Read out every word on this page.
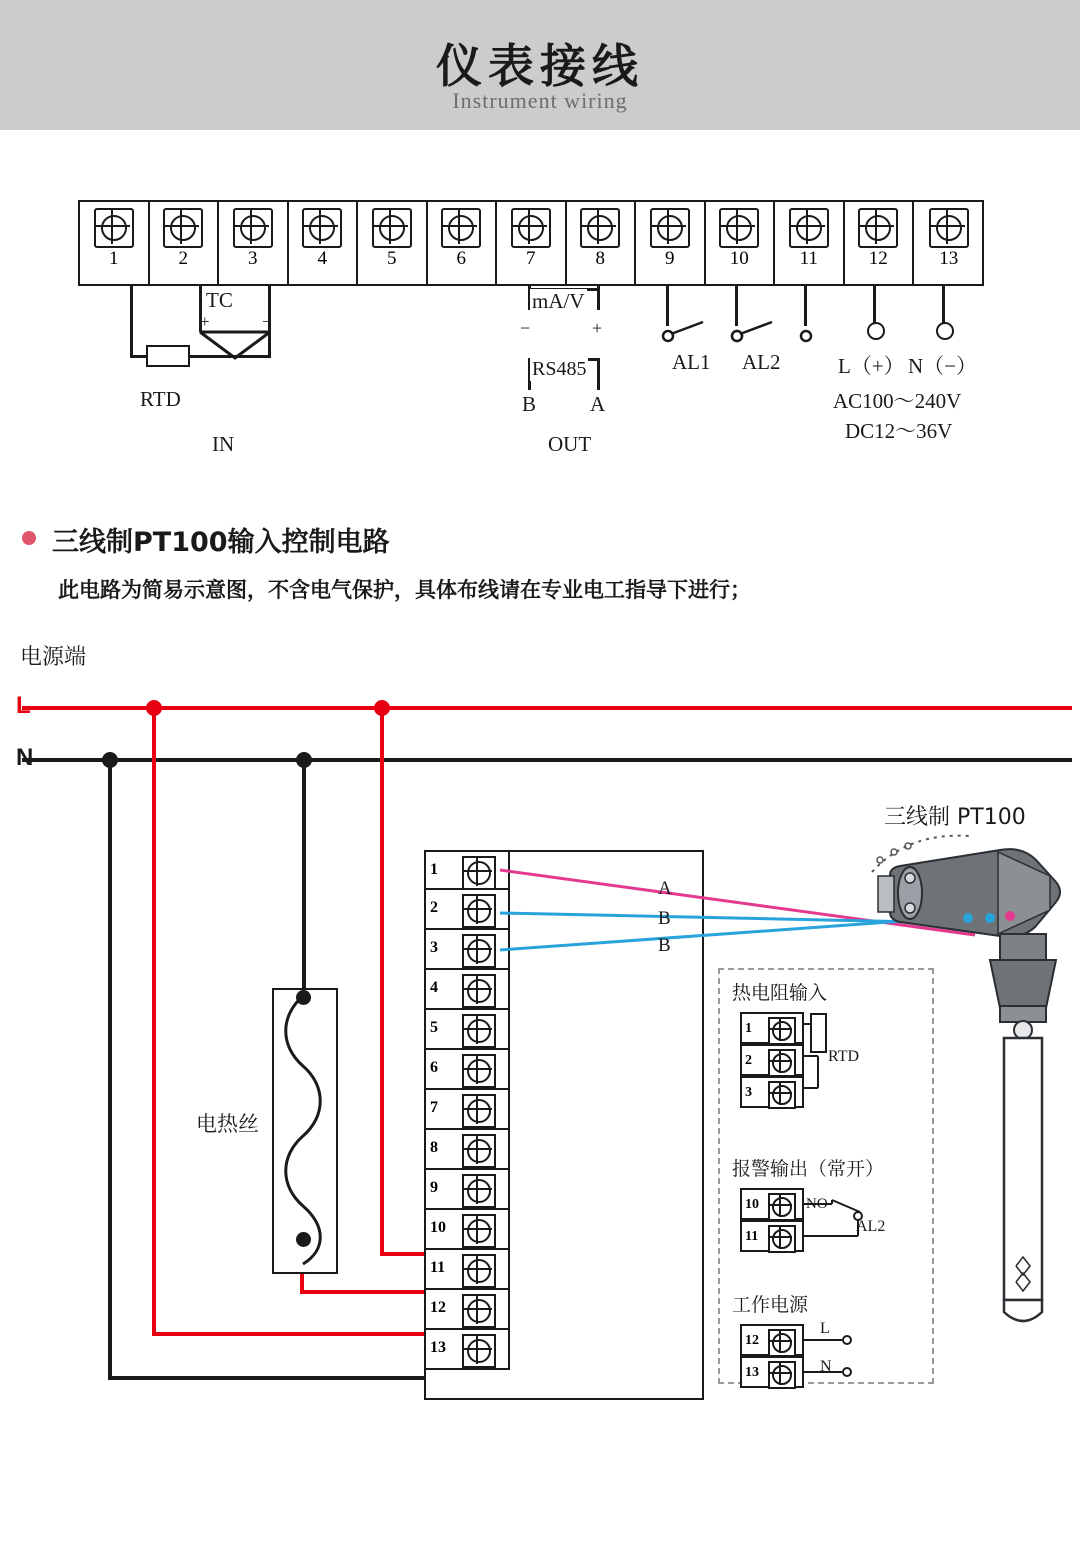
仪表接线
Instrument wiring
1	2	3	4	5	6	7	8	9	10	11	12	13
RTD
TC
+	−
IN
mA/V
−	+
RS485
B	A
OUT
AL1 AL2	L（+） N（−）
AC100～240V
DC12～36V
三线制PT100输入控制电路
此电路为简易示意图，不含电气保护，具体布线请在专业电工指导下进行；
电源端
L
N
电热丝
1
2
3
4
5
6
7
8
9
10
11
12
13
A
B
B
三线制 PT100
热电阻输入
1
2
3
RTD
报警输出（常开）
10
11
NO
AL2
工作电源
12
13
L
N
